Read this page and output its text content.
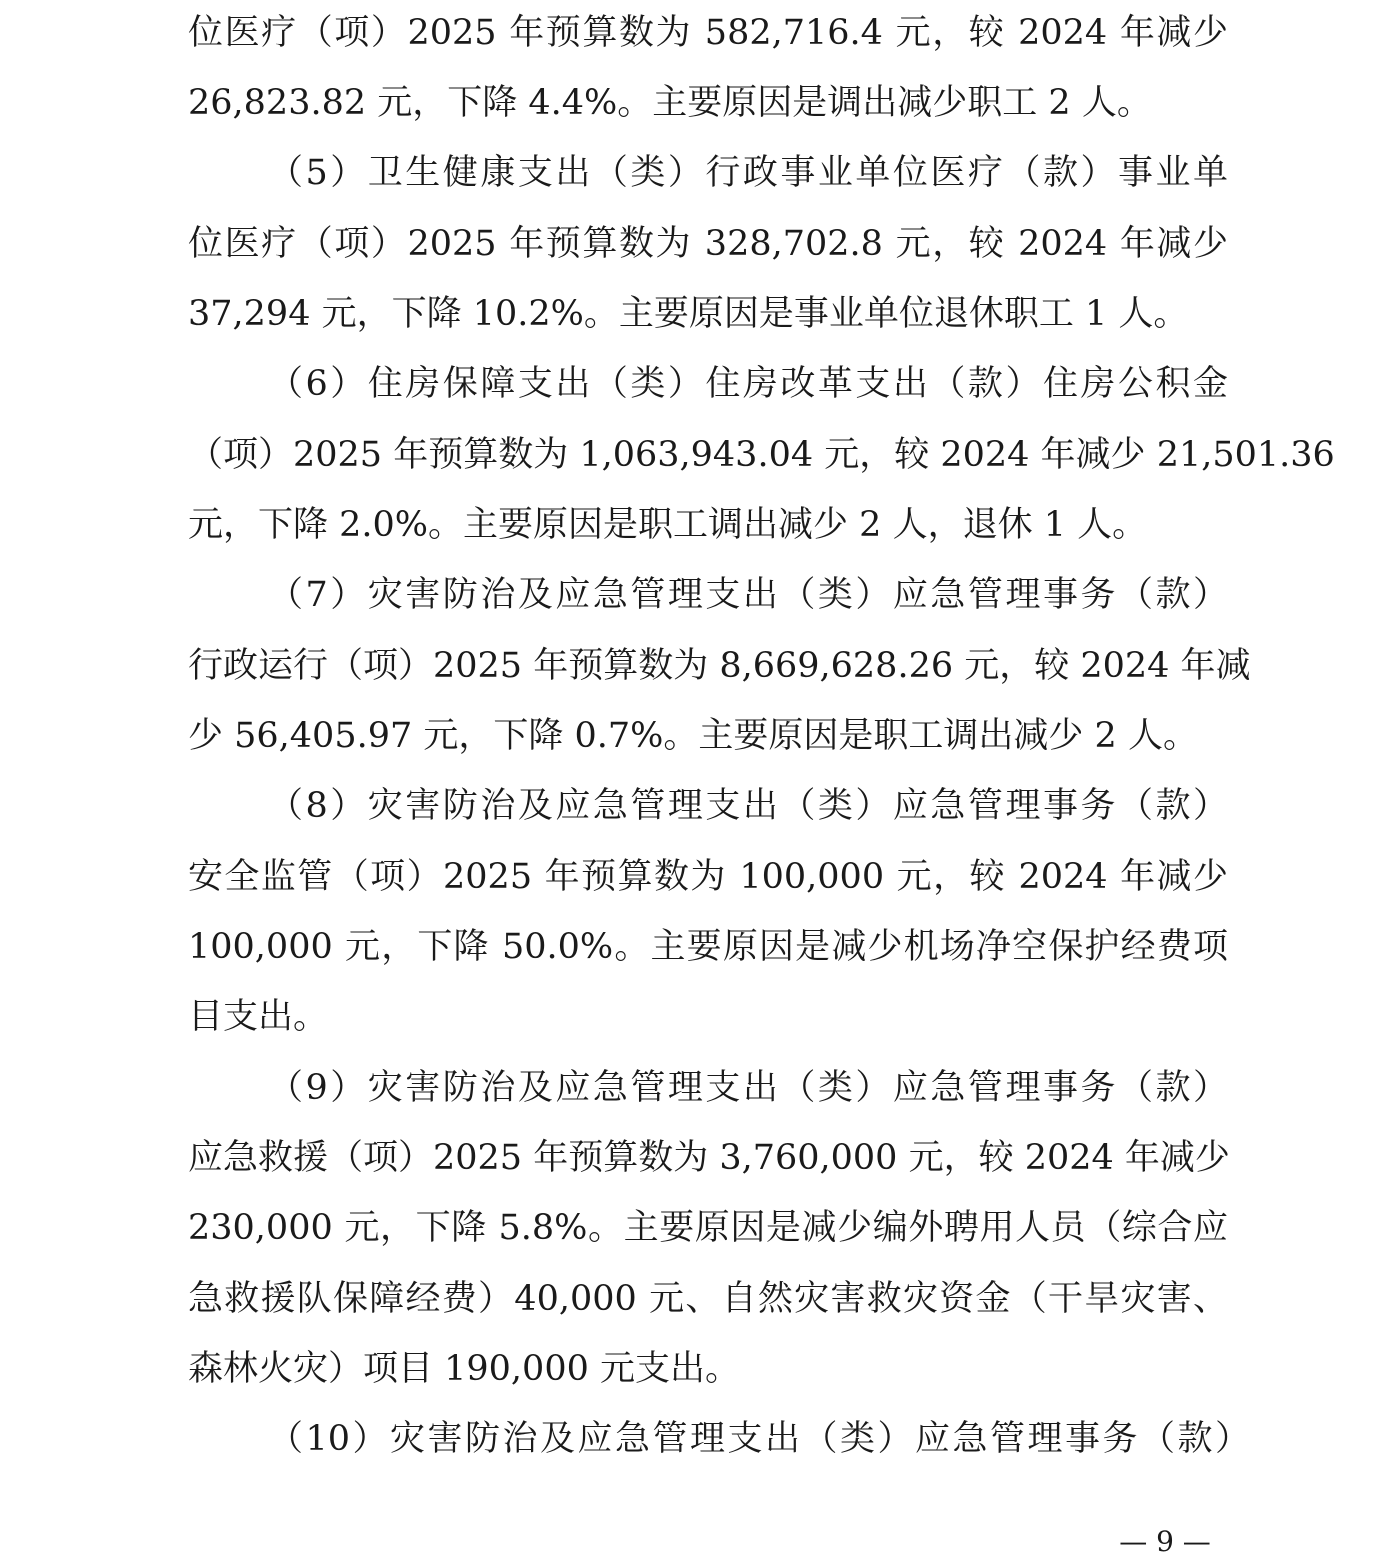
位医疗（项）2025 年预算数为 582,716.4 元，较 2024 年减少
26,823.82 元，下降 4.4%。主要原因是调出减少职工 2 人。
（5）卫生健康支出（类）行政事业单位医疗（款）事业单
位医疗（项）2025 年预算数为 328,702.8 元，较 2024 年减少
37,294 元，下降 10.2%。主要原因是事业单位退休职工 1 人。
（6）住房保障支出（类）住房改革支出（款）住房公积金
（项）2025 年预算数为 1,063,943.04 元，较 2024 年减少 21,501.36
元，下降 2.0%。主要原因是职工调出减少 2 人，退休 1 人。
（7）灾害防治及应急管理支出（类）应急管理事务（款）
行政运行（项）2025 年预算数为 8,669,628.26 元，较 2024 年减
少 56,405.97 元，下降 0.7%。主要原因是职工调出减少 2 人。
（8）灾害防治及应急管理支出（类）应急管理事务（款）
安全监管（项）2025 年预算数为 100,000 元，较 2024 年减少
100,000 元，下降 50.0%。主要原因是减少机场净空保护经费项
目支出。
（9）灾害防治及应急管理支出（类）应急管理事务（款）
应急救援（项）2025 年预算数为 3,760,000 元，较 2024 年减少
230,000 元，下降 5.8%。主要原因是减少编外聘用人员（综合应
急救援队保障经费）40,000 元、自然灾害救灾资金（干旱灾害、
森林火灾）项目 190,000 元支出。
（10）灾害防治及应急管理支出（类）应急管理事务（款）
— 9 —
